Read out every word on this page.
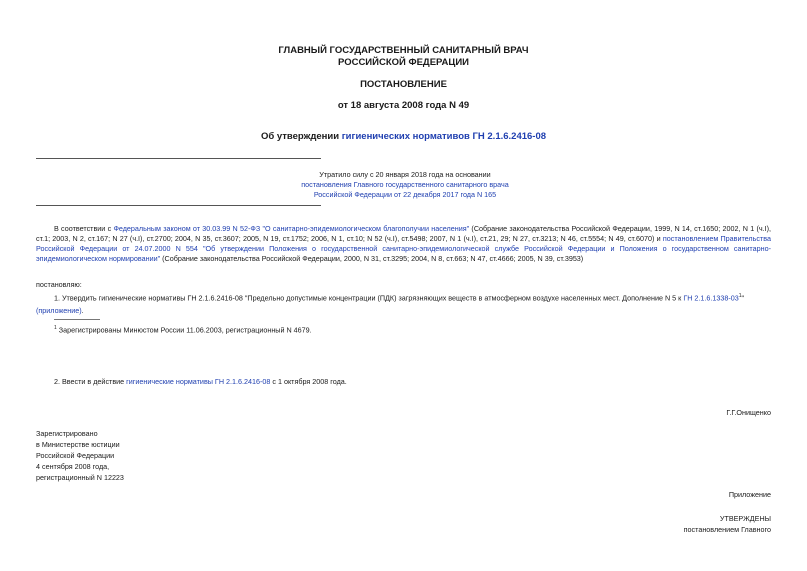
ГЛАВНЫЙ ГОСУДАРСТВЕННЫЙ САНИТАРНЫЙ ВРАЧ
РОССИЙСКОЙ ФЕДЕРАЦИИ
ПОСТАНОВЛЕНИЕ
от 18 августа 2008 года N 49
Об утверждении гигиенических нормативов ГН 2.1.6.2416-08
Утратило силу с 20 января 2018 года на основании
постановления Главного государственного санитарного врача
Российской Федерации от 22 декабря 2017 года N 165
В соответствии с Федеральным законом от 30.03.99 N 52-ФЗ "О санитарно-эпидемиологическом благополучии населения" (Собрание законодательства Российской Федерации, 1999, N 14, ст.1650; 2002, N 1 (ч.I), ст.1; 2003, N 2, ст.167; N 27 (ч.I), ст.2700; 2004, N 35, ст.3607; 2005, N 19, ст.1752; 2006, N 1, ст.10; N 52 (ч.I), ст.5498; 2007, N 1 (ч.I), ст.21, 29; N 27, ст.3213; N 46, ст.5554; N 49, ст.6070) и постановлением Правительства Российской Федерации от 24.07.2000 N 554 "Об утверждении Положения о государственной санитарно-эпидемиологической службе Российской Федерации и Положения о государственном санитарно-эпидемиологическом нормировании" (Собрание законодательства Российской Федерации, 2000, N 31, ст.3295; 2004, N 8, ст.663; N 47, ст.4666; 2005, N 39, ст.3953)
постановляю:
1. Утвердить гигиенические нормативы ГН 2.1.6.2416-08 "Предельно допустимые концентрации (ПДК) загрязняющих веществ в атмосферном воздухе населенных мест. Дополнение N 5 к ГН $2.1.6.1338-03^1$"
(приложение).
$^1$ Зарегистрированы Минюстом России 11.06.2003, регистрационный N 4679.
2. Ввести в действие гигиенические нормативы ГН 2.1.6.2416-08 с 1 октября 2008 года.
Г.Г.Онищенко
Зарегистрировано
в Министерстве юстиции
Российской Федерации
4 сентября 2008 года,
регистрационный N 12223
Приложение
УТВЕРЖДЕНЫ
постановлением Главного
